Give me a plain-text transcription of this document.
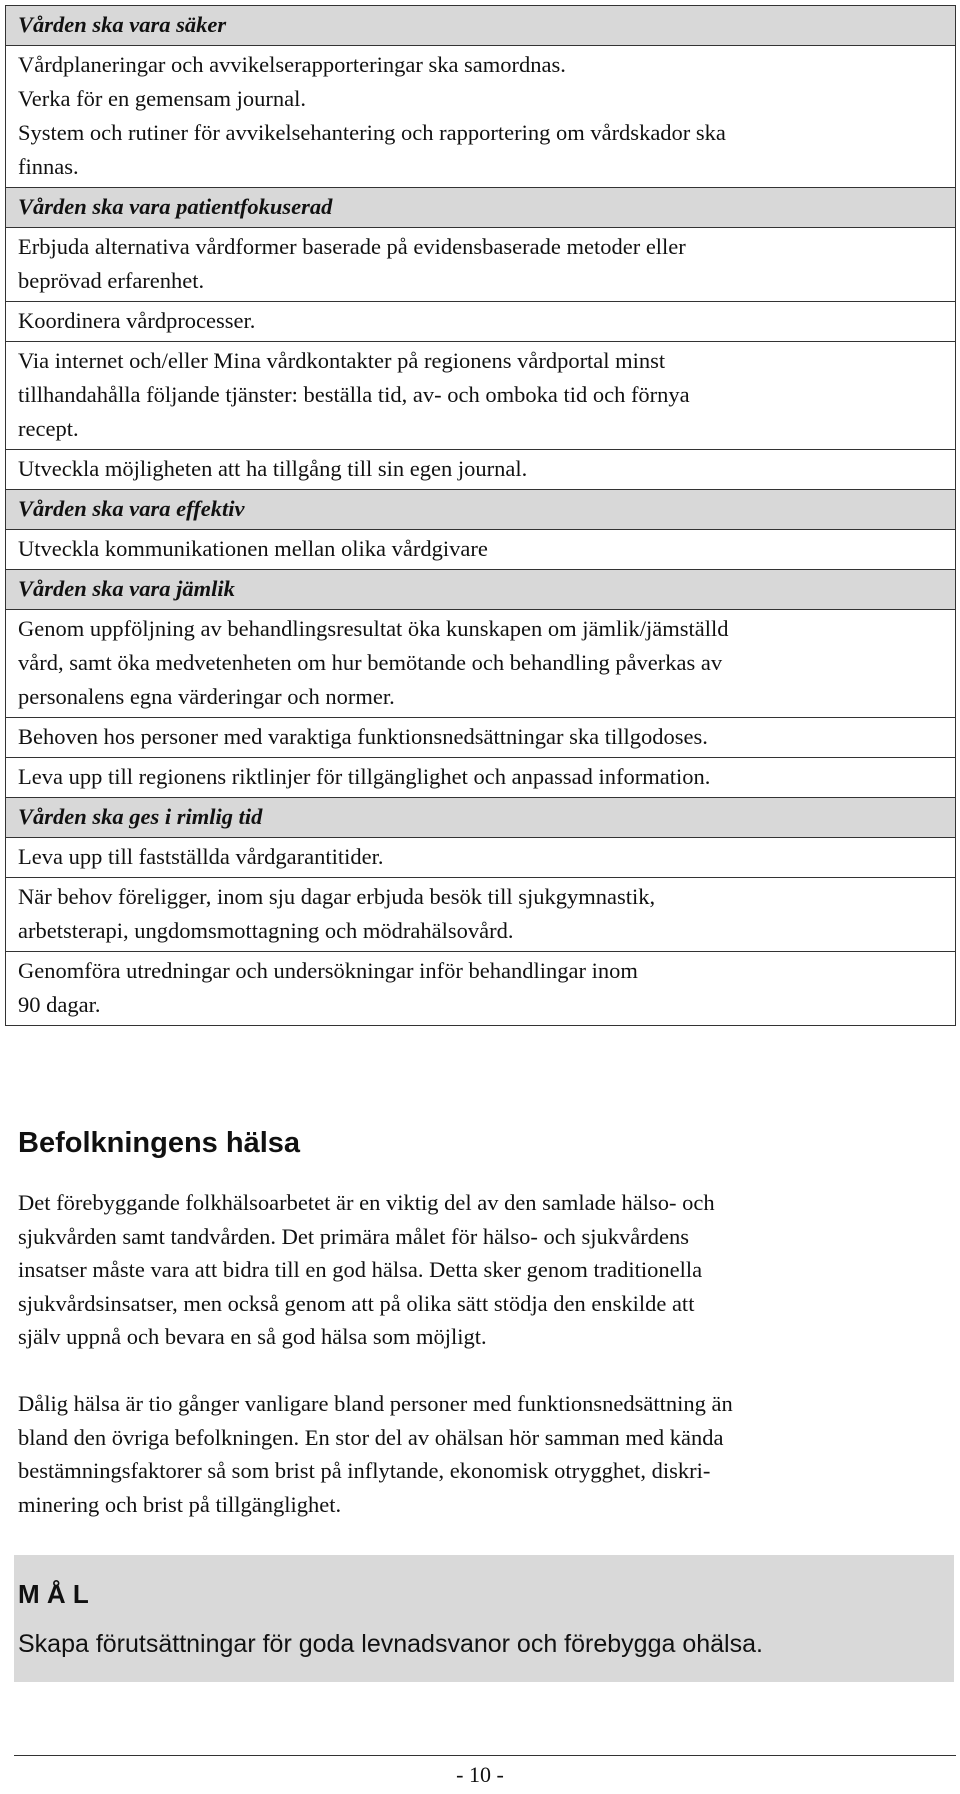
Vården ska vara säker

Vårdplaneringar och avvikelserapporteringar ska samordnas.
Verka för en gemensam journal.
System och rutiner för avvikelsehantering och rapportering om vårdskador ska
finnas.

Vården ska vara patientfokuserad

Erbjuda alternativa vårdformer baserade på evidensbaserade metoder eller
beprövad erfarenhet.

Koordinera vårdprocesser.

Via internet och/eller Mina vårdkontakter på regionens vårdportal minst
tillhandahålla följande tjänster: beställa tid, av- och omboka tid och förnya
recept.

Utveckla möjligheten att ha tillgång till sin egen journal.

Vården ska vara effektiv

Utveckla kommunikationen mellan olika vårdgivare

Vården ska vara jämlik

Genom uppföljning av behandlingsresultat öka kunskapen om jämlik/jämställd
vård, samt öka medvetenheten om hur bemötande och behandling påverkas av
personalens egna värderingar och normer.

Behoven hos personer med varaktiga funktionsnedsättningar ska tillgodoses.

Leva upp till regionens riktlinjer för tillgänglighet och anpassad information.

Vården ska ges i rimlig tid

Leva upp till fastställda vårdgarantitider.

När behov föreligger, inom sju dagar erbjuda besök till sjukgymnastik,
arbetsterapi, ungdomsmottagning och mödrahälsovård.

Genomföra utredningar och undersökningar inför behandlingar inom
90 dagar.
Befolkningens hälsa

Det förebyggande folkhälsoarbetet är en viktig del av den samlade hälso- och
sjukvården samt tandvården. Det primära målet för hälso- och sjukvårdens
insatser måste vara att bidra till en god hälsa. Detta sker genom traditionella
sjukvårdsinsatser, men också genom att på olika sätt stödja den enskilde att
själv uppnå och bevara en så god hälsa som möjligt.

Dålig hälsa är tio gånger vanligare bland personer med funktionsnedsättning än
bland den övriga befolkningen. En stor del av ohälsan hör samman med kända
bestämningsfaktorer så som brist på inflytande, ekonomisk otrygghet, diskri-
minering och brist på tillgänglighet.

M Å L

Skapa förutsättningar för goda levnadsvanor och förebygga ohälsa.

- 10 -
